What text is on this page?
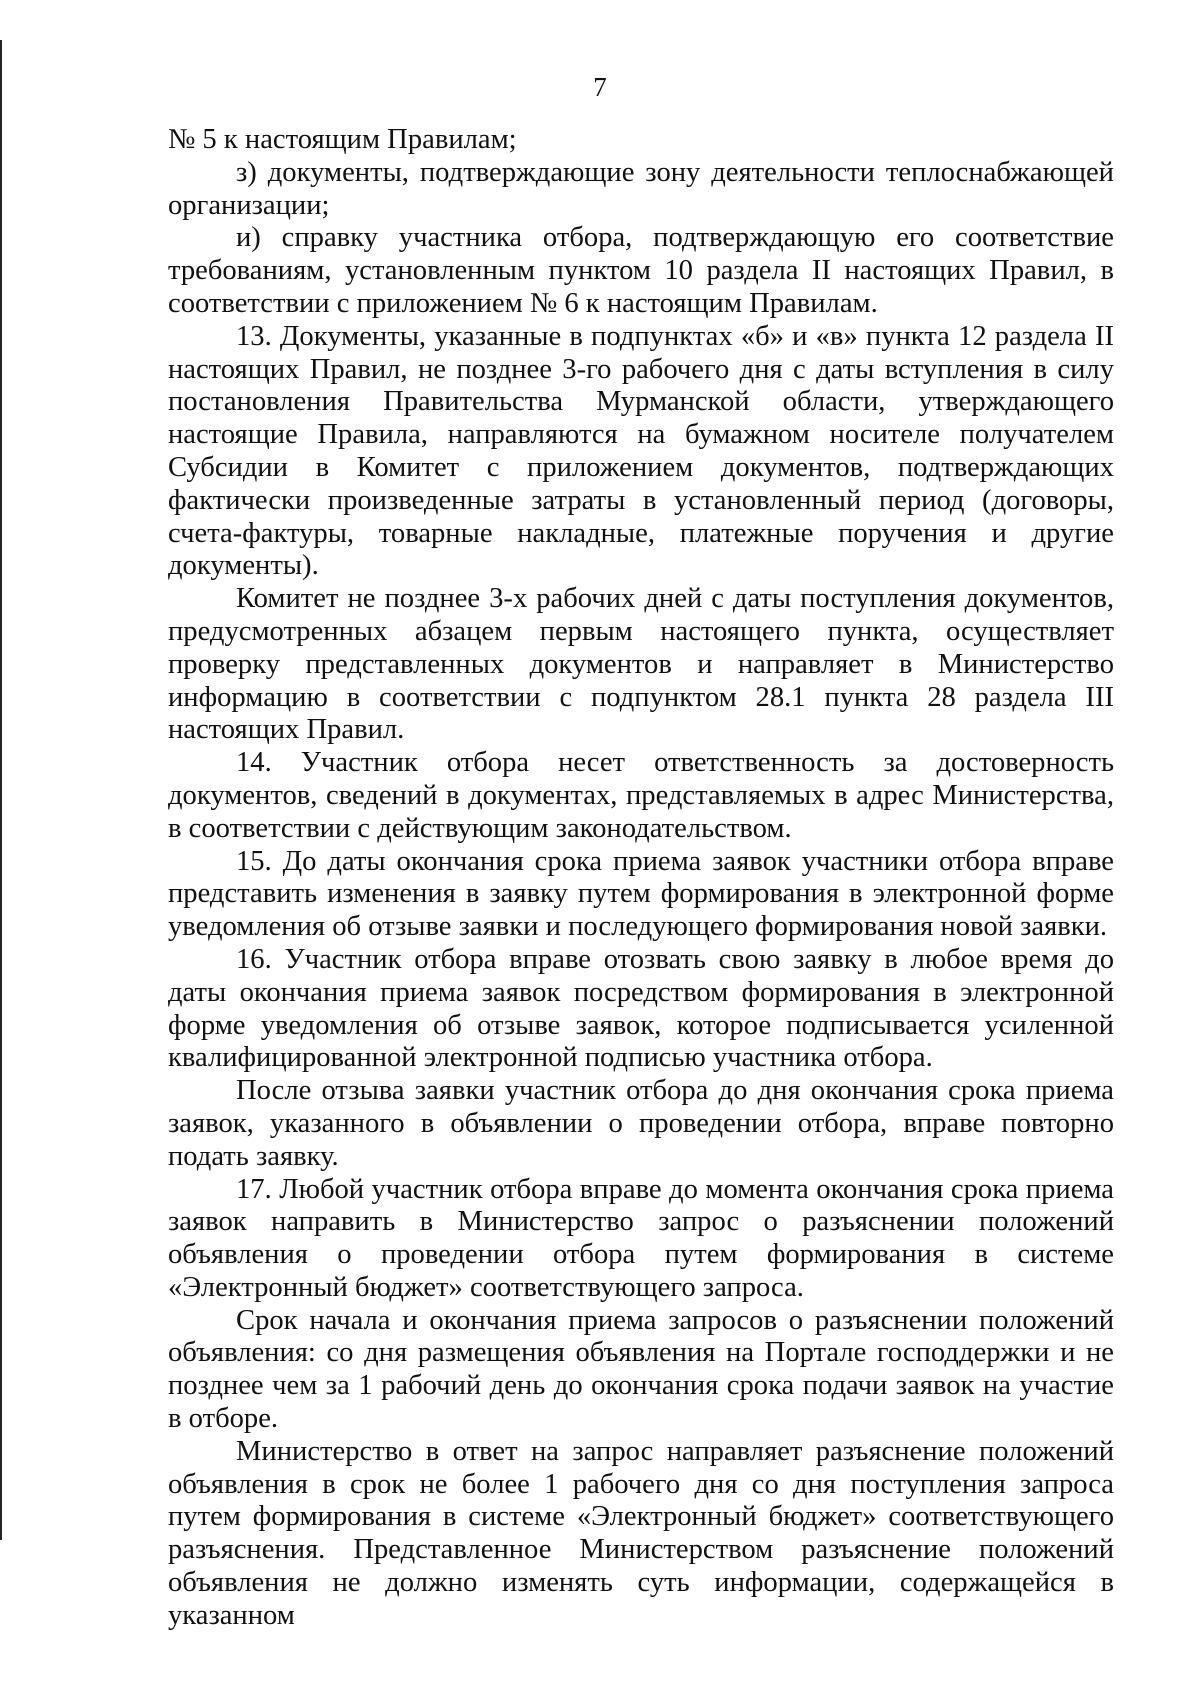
7

№ 5 к настоящим Правилам;

з) документы, подтверждающие зону деятельности теплоснабжающей организации;

и) справку участника отбора, подтверждающую его соответствие требованиям, установленным пунктом 10 раздела II настоящих Правил, в соответствии с приложением № 6 к настоящим Правилам.

13. Документы, указанные в подпунктах «б» и «в» пункта 12 раздела II настоящих Правил, не позднее 3-го рабочего дня с даты вступления в силу постановления Правительства Мурманской области, утверждающего настоящие Правила, направляются на бумажном носителе получателем Субсидии в Комитет с приложением документов, подтверждающих фактически произведенные затраты в установленный период (договоры, счета-фактуры, товарные накладные, платежные поручения и другие документы).

Комитет не позднее 3-х рабочих дней с даты поступления документов, предусмотренных абзацем первым настоящего пункта, осуществляет проверку представленных документов и направляет в Министерство информацию в соответствии с подпунктом 28.1 пункта 28 раздела III настоящих Правил.

14. Участник отбора несет ответственность за достоверность документов, сведений в документах, представляемых в адрес Министерства, в соответствии с действующим законодательством.

15. До даты окончания срока приема заявок участники отбора вправе представить изменения в заявку путем формирования в электронной форме уведомления об отзыве заявки и последующего формирования новой заявки.

16. Участник отбора вправе отозвать свою заявку в любое время до даты окончания приема заявок посредством формирования в электронной форме уведомления об отзыве заявок, которое подписывается усиленной квалифицированной электронной подписью участника отбора.

После отзыва заявки участник отбора до дня окончания срока приема заявок, указанного в объявлении о проведении отбора, вправе повторно подать заявку.

17. Любой участник отбора вправе до момента окончания срока приема заявок направить в Министерство запрос о разъяснении положений объявления о проведении отбора путем формирования в системе «Электронный бюджет» соответствующего запроса.

Срок начала и окончания приема запросов о разъяснении положений объявления: со дня размещения объявления на Портале господдержки и не позднее чем за 1 рабочий день до окончания срока подачи заявок на участие в отборе.

Министерство в ответ на запрос направляет разъяснение положений объявления в срок не более 1 рабочего дня со дня поступления запроса путем формирования в системе «Электронный бюджет» соответствующего разъяснения. Представленное Министерством разъяснение положений объявления не должно изменять суть информации, содержащейся в указанном
